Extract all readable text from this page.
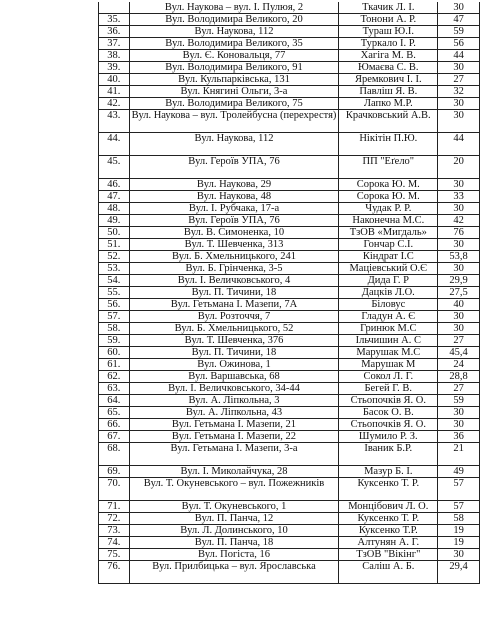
	Вул. Наукова – вул. І. Пулюя, 2	Ткачик Л. І.	30
35.	Вул. Володимира Великого, 20	Тонони А. Р.	47
36.	Вул. Наукова, 112	Тураш Ю.І.	59
37.	Вул. Володимира Великого, 35	Туркало І. Р.	56
38.	Вул. Є. Коновальця, 77	Хагіга М. В.	44
39.	Вул. Володимира Великого, 91	Юмаєва С. В.	30
40.	Вул. Кульпарківська, 131	Яремкович І. І.	27
41.	Вул. Княгині Ольги, 3-а	Павліш Я. В.	32
42.	Вул. Володимира Великого, 75	Лапко М.Р.	30
43.	Вул. Наукова – вул. Тролейбусна (перехрестя)	Крачковський А.В.	30
44.	Вул. Наукова, 112	Нікітін П.Ю.	44
45.	Вул. Героїв УПА, 76	ПП "Еґело"	20
46.	Вул. Наукова, 29	Сорока Ю. М.	30
47.	Вул. Наукова, 48	Сорока Ю. М.	33
48.	Вул. І. Рубчака, 17-а	Чудак Р. Р.	30
49.	Вул. Героїв УПА, 76	Наконечна М.С.	42
50.	Вул. В. Симоненка, 10	ТзОВ «Мигдаль»	76
51.	Вул. Т. Шевченка, 313	Гончар С.І.	30
52.	Вул. Б. Хмельницького, 241	Кіндрат І.С	53,8
53.	Вул. Б. Грінченка, 3-5	Маціевський О.Є	30
54.	Вул. І. Величковського, 4	Дида Г. Р	29,9
55.	Вул. П. Тичини, 18	Дацків Л.О.	27,5
56.	Вул. Гетьмана І. Мазепи, 7А	Біловус	40
57.	Вул. Розточчя, 7	Гладун А. Є	30
58.	Вул. Б. Хмельницького, 52	Гринюк М.С	30
59.	Вул. Т. Шевченка, 376	Ільчишин А. С	27
60.	Вул. П. Тичини, 18	Марушак М.С	45,4
61.	Вул. Ожинова, 1	Марушак М	24
62.	Вул. Варшавська, 68	Сокол Л. Г.	28,8
63.	Вул. І. Величковського, 34-44	Бегей Г. В.	27
64.	Вул. А. Ліпкольна, 3	Стьопочків Я. О.	59
65.	Вул. А. Ліпкольна, 43	Басок О. В.	30
66.	Вул. Гетьмана І. Мазепи, 21	Стьопочків Я. О.	30
67.	Вул. Гетьмана І. Мазепи, 22	Шумило Р. З.	36
68.	Вул. Гетьмана І. Мазепи, 3-а	Іваник Б.Р.	21
69.	Вул. І. Миколайчука, 28	Мазур Б. І.	49
70.	Вул. Т. Окуневського – вул. Пожежників	Куксенко Т. Р.	57
71.	Вул. Т. Окуневського, 1	Монцібович Л. О.	57
72.	Вул. П. Панча, 12	Куксенко Т. Р.	58
73.	Вул. Л. Долинського, 10	Куксенко Т.Р.	19
74.	Вул. П. Панча, 18	Алтунян А. Г.	19
75.	Вул. Погіста, 16	ТзОВ "Вікінг"	30
76.	Вул. Прилбицька – вул. Ярославська	Саліш А. Б.	29,4
